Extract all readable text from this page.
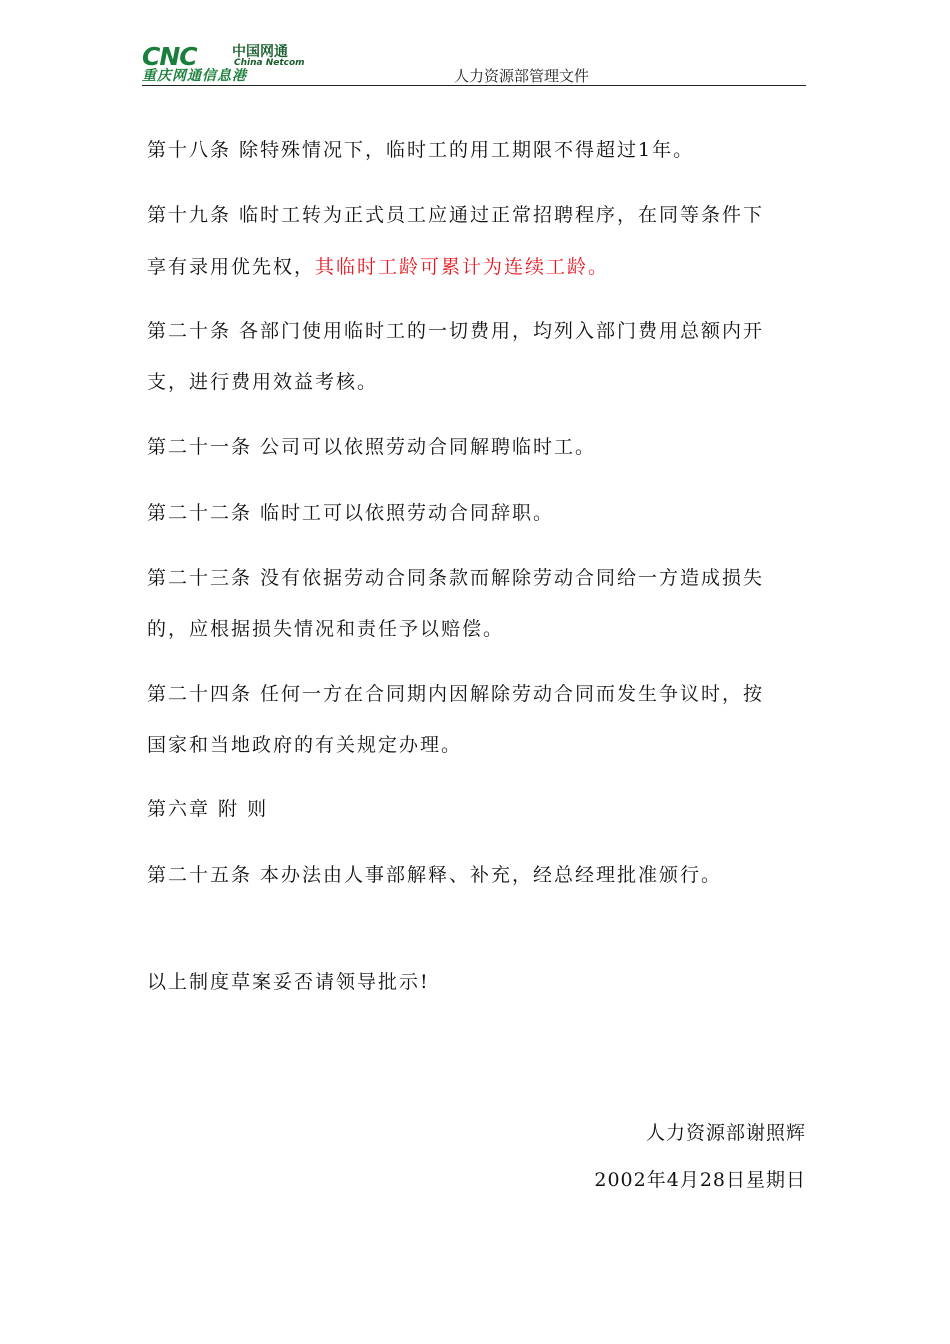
CNC	中国网通
China Netcom
重庆网通信息港	人力资源部管理文件
第十八条 除特殊情况下，临时工的用工期限不得超过1年。
第十九条 临时工转为正式员工应通过正常招聘程序，在同等条件下
享有录用优先权，其临时工龄可累计为连续工龄。
第二十条 各部门使用临时工的一切费用，均列入部门费用总额内开
支，进行费用效益考核。
第二十一条 公司可以依照劳动合同解聘临时工。
第二十二条 临时工可以依照劳动合同辞职。
第二十三条 没有依据劳动合同条款而解除劳动合同给一方造成损失
的，应根据损失情况和责任予以赔偿。
第二十四条 任何一方在合同期内因解除劳动合同而发生争议时，按
国家和当地政府的有关规定办理。
第六章 附 则
第二十五条 本办法由人事部解释、补充，经总经理批准颁行。
以上制度草案妥否请领导批示!
人力资源部谢照辉
2002年4月28日星期日
